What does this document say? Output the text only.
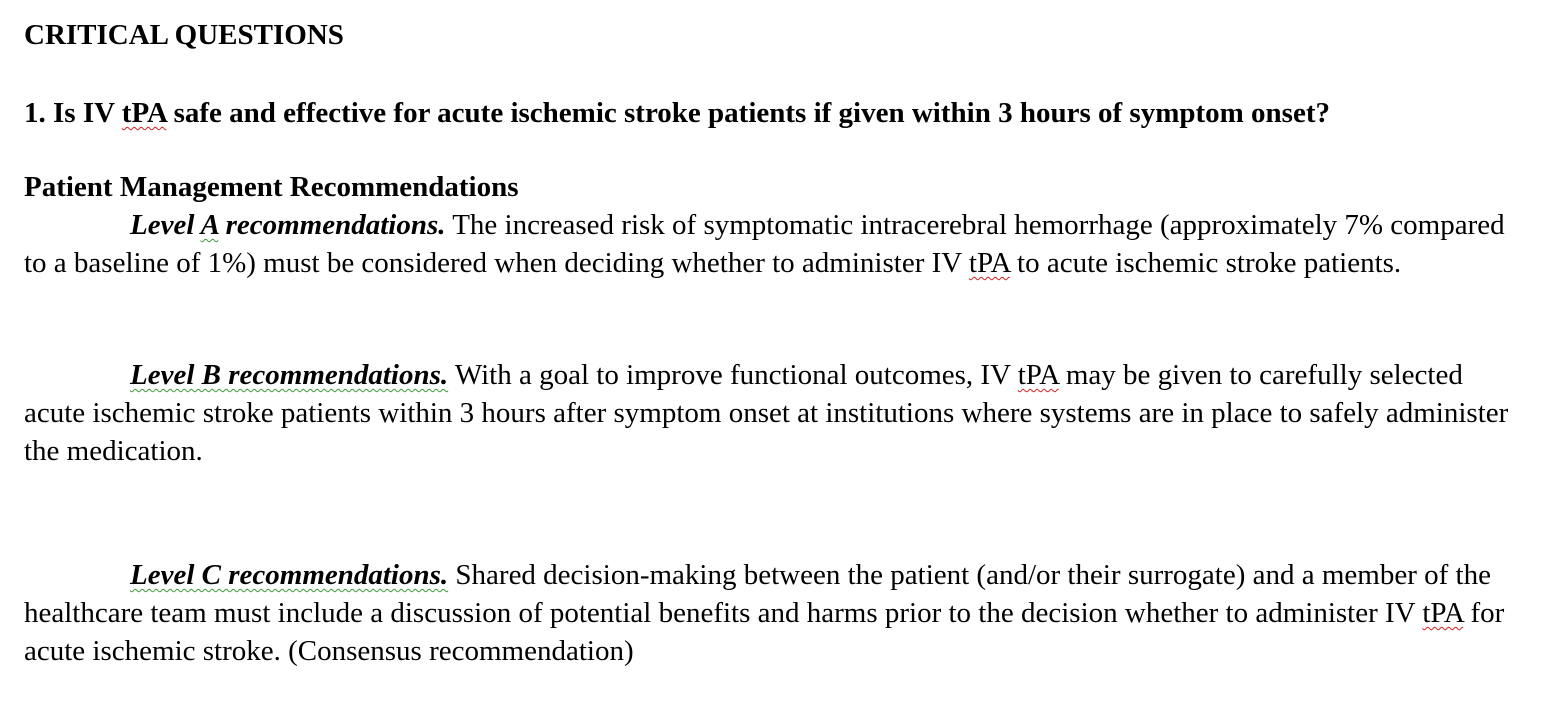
CRITICAL QUESTIONS

1. Is IV tPA safe and effective for acute ischemic stroke patients if given within 3 hours of symptom onset?

Patient Management Recommendations

Level A recommendations. The increased risk of symptomatic intracerebral hemorrhage (approximately 7% compared to a baseline of 1%) must be considered when deciding whether to administer IV tPA to acute ischemic stroke patients.

Level B recommendations. With a goal to improve functional outcomes, IV tPA may be given to carefully selected acute ischemic stroke patients within 3 hours after symptom onset at institutions where systems are in place to safely administer the medication.

Level C recommendations. Shared decision-making between the patient (and/or their surrogate) and a member of the healthcare team must include a discussion of potential benefits and harms prior to the decision whether to administer IV tPA for acute ischemic stroke. (Consensus recommendation)
